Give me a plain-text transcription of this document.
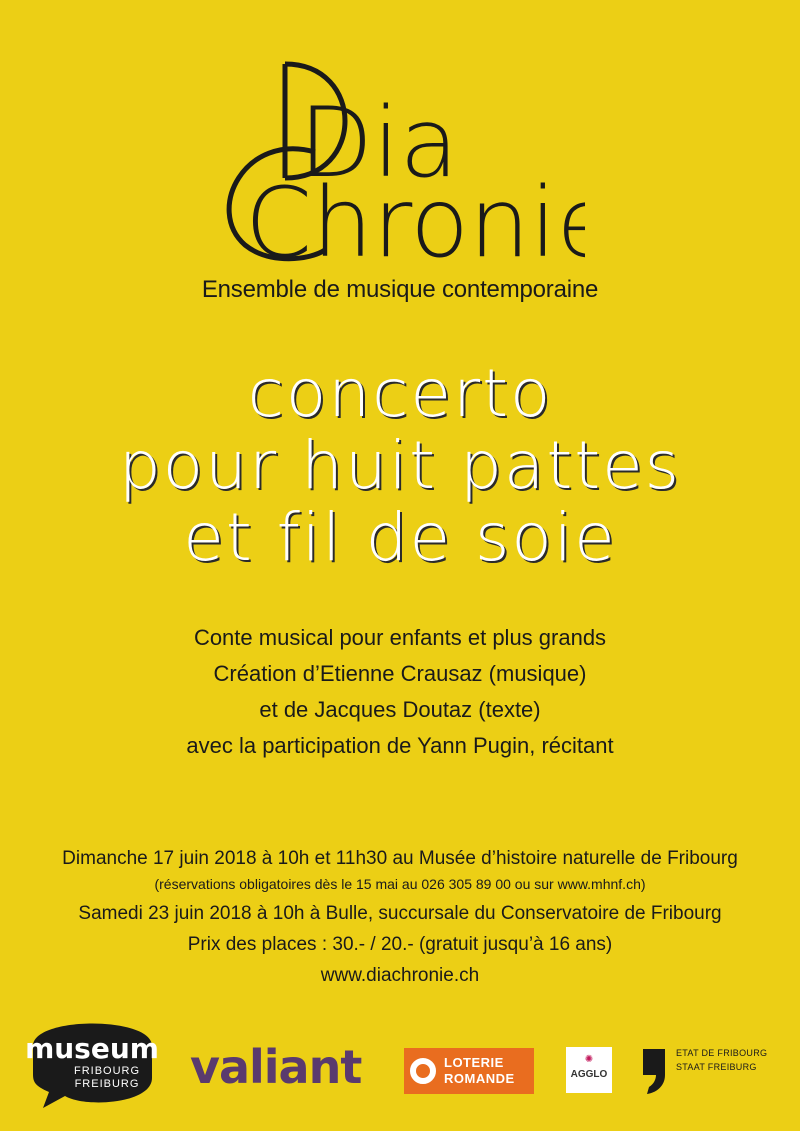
Dia
Chronie
Ensemble de musique contemporaine
concerto
pour huit pattes
et fil de soie
Conte musical pour enfants et plus grands
Création d’Etienne Crausaz (musique)
et de Jacques Doutaz (texte)
avec la participation de Yann Pugin, récitant
Dimanche 17 juin 2018 à 10h et 11h30 au Musée d’histoire naturelle de Fribourg
(réservations obligatoires dès le 15 mai au 026 305 89 00 ou sur www.mhnf.ch)
Samedi 23 juin 2018 à 10h à Bulle, succursale du Conservatoire de Fribourg
Prix des places : 30.- / 20.- (gratuit jusqu’à 16 ans)
www.diachronie.ch
museum
FRIBOURG
FREIBURG valiant	LOTERIE
ROMANDE
✺
AGGLO
ETAT DE FRIBOURG
STAAT FREIBURG
